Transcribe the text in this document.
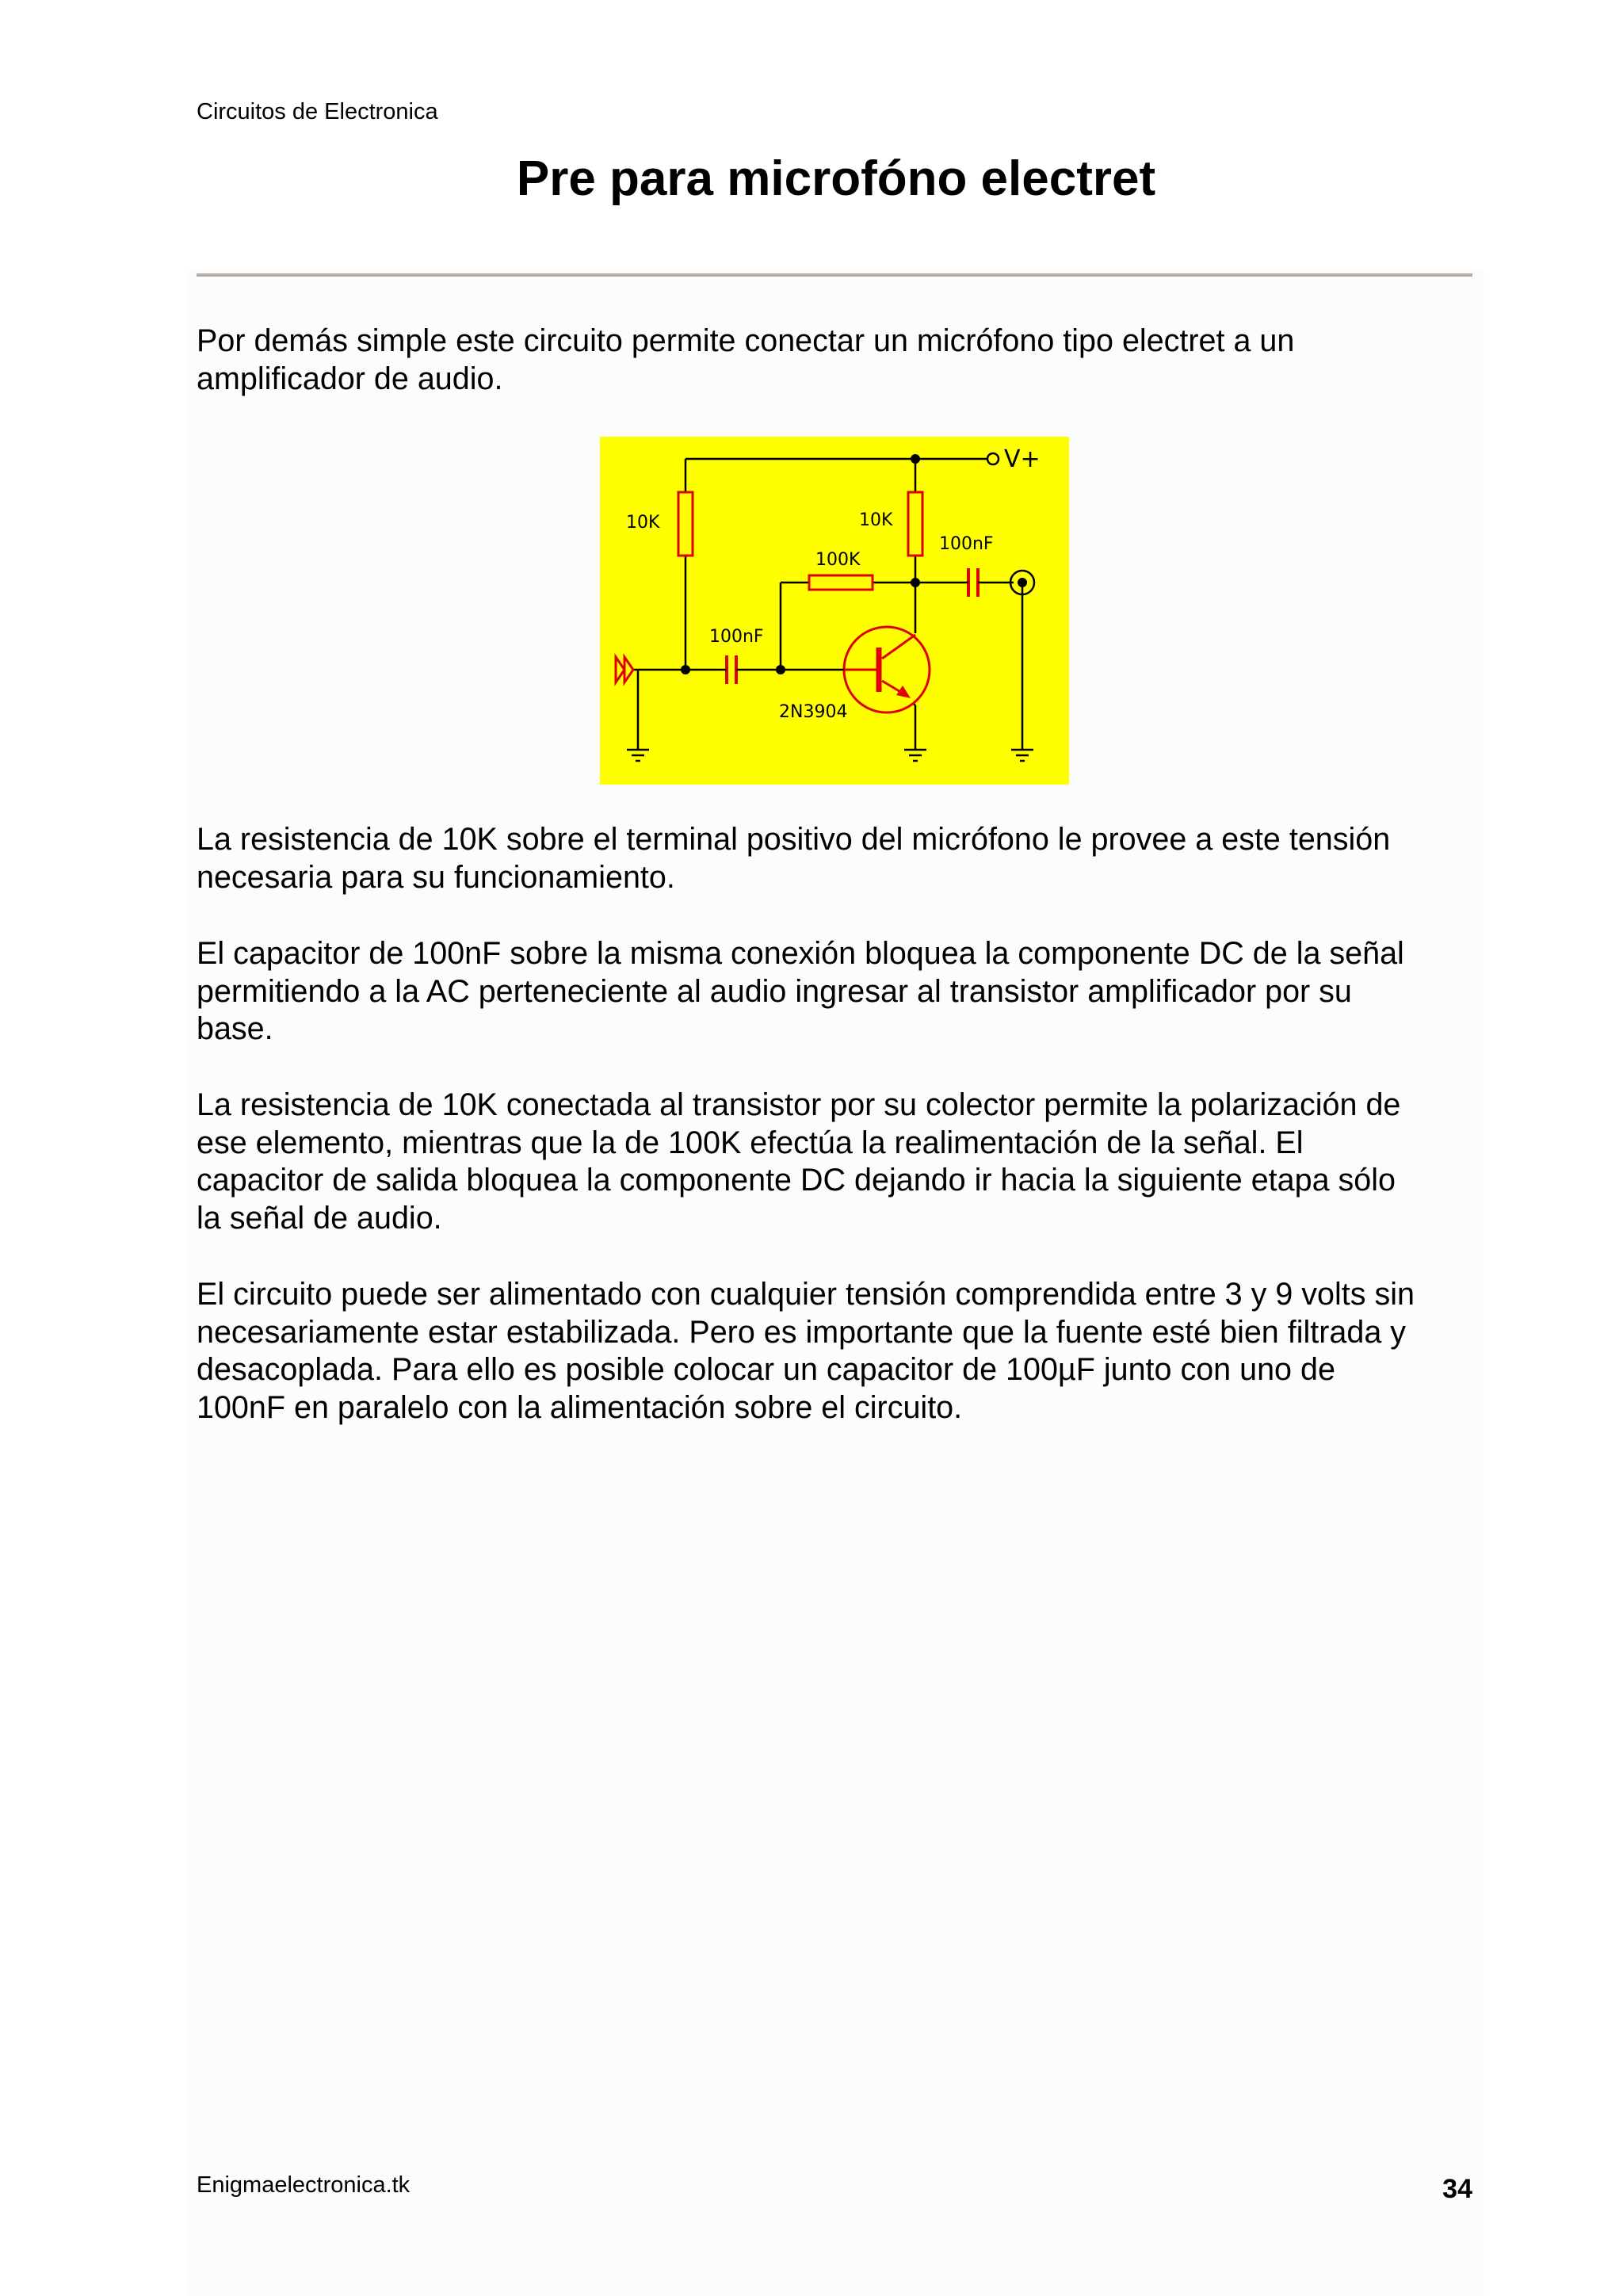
Circuitos de Electronica
Pre para microfóno electret

Por demás simple este circuito permite conectar un micrófono tipo electret a un
amplificador de audio.

10K	10K
100K
100nF
100nF
2N3904
V+

La resistencia de 10K sobre el terminal positivo del micrófono le provee a este tensión
necesaria para su funcionamiento.

El capacitor de 100nF sobre la misma conexión bloquea la componente DC de la señal
permitiendo a la AC perteneciente al audio ingresar al transistor amplificador por su
base.

La resistencia de 10K conectada al transistor por su colector permite la polarización de
ese elemento, mientras que la de 100K efectúa la realimentación de la señal. El
capacitor de salida bloquea la componente DC dejando ir hacia la siguiente etapa sólo
la señal de audio.

El circuito puede ser alimentado con cualquier tensión comprendida entre 3 y 9 volts sin
necesariamente estar estabilizada. Pero es importante que la fuente esté bien filtrada y
desacoplada. Para ello es posible colocar un capacitor de 100µF junto con uno de
100nF en paralelo con la alimentación sobre el circuito.

Enigmaelectronica.tk	34
